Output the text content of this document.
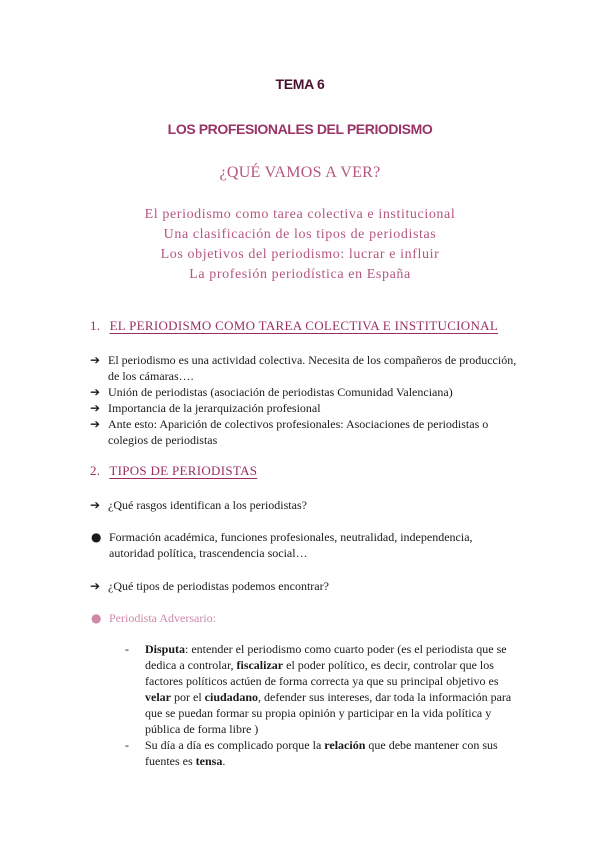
TEMA 6
LOS PROFESIONALES DEL PERIODISMO
¿QUÉ VAMOS A VER?
El periodismo como tarea colectiva e institucional
Una clasificación de los tipos de periodistas
Los objetivos del periodismo: lucrar e influir
La profesión periodística en España
1. EL PERIODISMO COMO TAREA COLECTIVA E INSTITUCIONAL
➔ El periodismo es una actividad colectiva. Necesita de los compañeros de producción, de los cámaras….
➔ Unión de periodistas (asociación de periodistas Comunidad Valenciana)
➔ Importancia de la jerarquización profesional
➔ Ante esto: Aparición de colectivos profesionales: Asociaciones de periodistas o colegios de periodistas
2. TIPOS DE PERIODISTAS
➔ ¿Qué rasgos identifican a los periodistas?
● Formación académica, funciones profesionales, neutralidad, independencia, autoridad política, trascendencia social…
➔ ¿Qué tipos de periodistas podemos encontrar?
● Periodista Adversario:
-	Disputa: entender el periodismo como cuarto poder (es el periodista que se dedica a controlar, fiscalizar el poder político, es decir, controlar que los factores políticos actúen de forma correcta ya que su principal objetivo es velar por el ciudadano, defender sus intereses, dar toda la información para que se puedan formar su propia opinión y participar en la vida política y pública de forma libre )
-	Su día a día es complicado porque la relación que debe mantener con sus fuentes es tensa.
